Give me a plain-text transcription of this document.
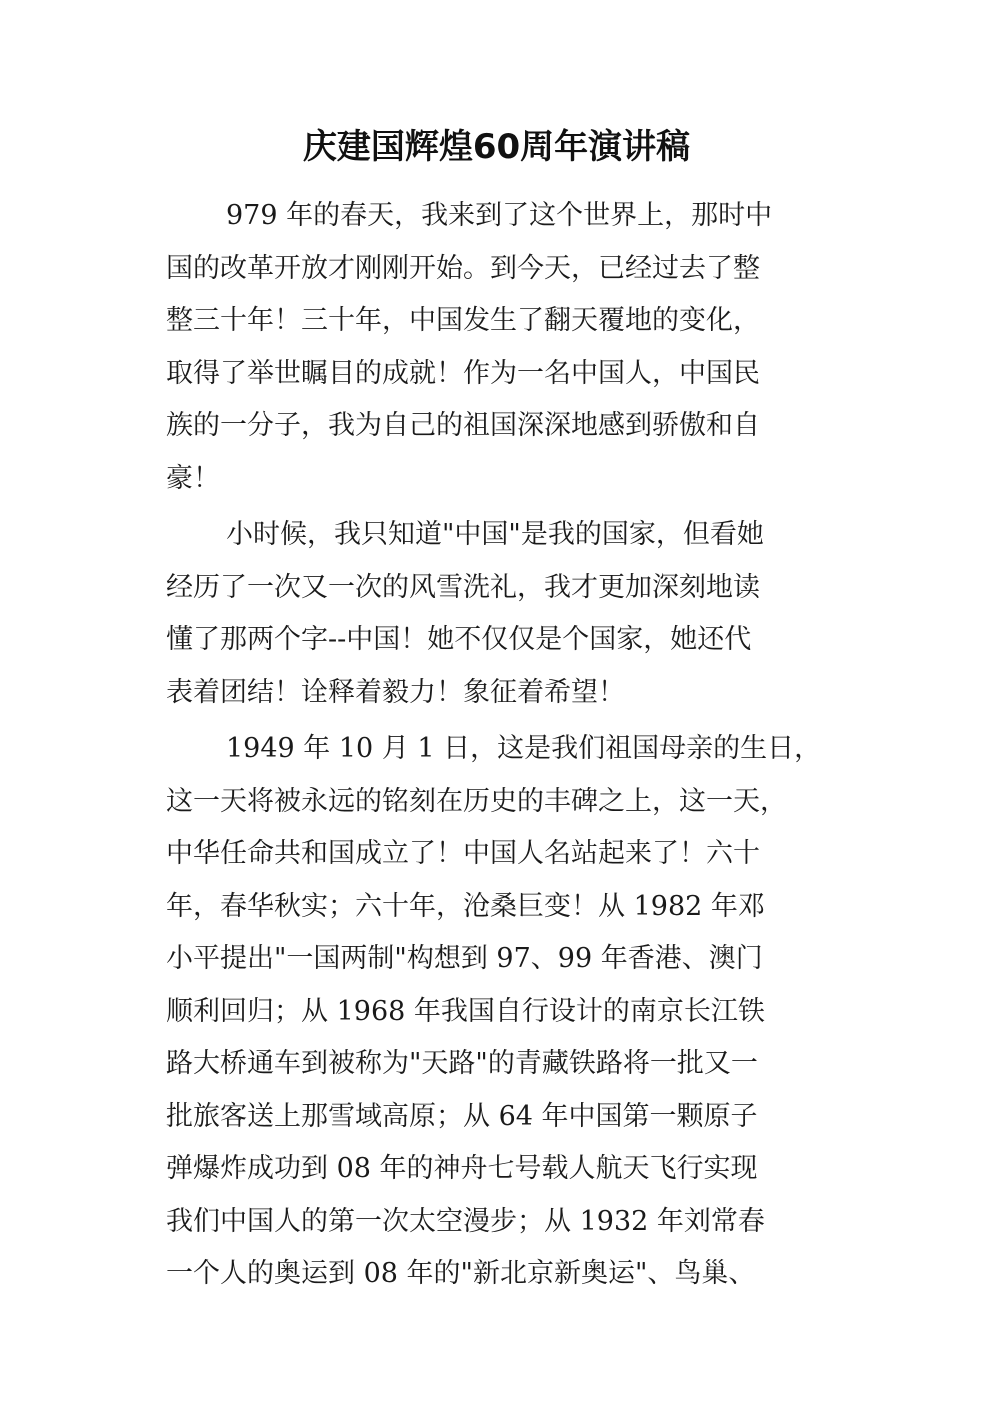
庆建国辉煌60周年演讲稿

979 年的春天，我来到了这个世界上，那时中

国的改革开放才刚刚开始。到今天，已经过去了整

整三十年！三十年，中国发生了翻天覆地的变化，

取得了举世瞩目的成就！作为一名中国人，中国民

族的一分子，我为自己的祖国深深地感到骄傲和自

豪！

小时候，我只知道"中国"是我的国家，但看她

经历了一次又一次的风雪洗礼，我才更加深刻地读

懂了那两个字--中国！她不仅仅是个国家，她还代

表着团结！诠释着毅力！象征着希望！

1949 年 10 月 1 日，这是我们祖国母亲的生日，

这一天将被永远的铭刻在历史的丰碑之上，这一天，

中华任命共和国成立了！中国人名站起来了！六十

年，春华秋实；六十年，沧桑巨变！从 1982 年邓

小平提出"一国两制"构想到 97、99 年香港、澳门

顺利回归；从 1968 年我国自行设计的南京长江铁

路大桥通车到被称为"天路"的青藏铁路将一批又一

批旅客送上那雪域高原；从 64 年中国第一颗原子

弹爆炸成功到 08 年的神舟七号载人航天飞行实现

我们中国人的第一次太空漫步；从 1932 年刘常春

一个人的奥运到 08 年的"新北京新奥运"、鸟巢、
